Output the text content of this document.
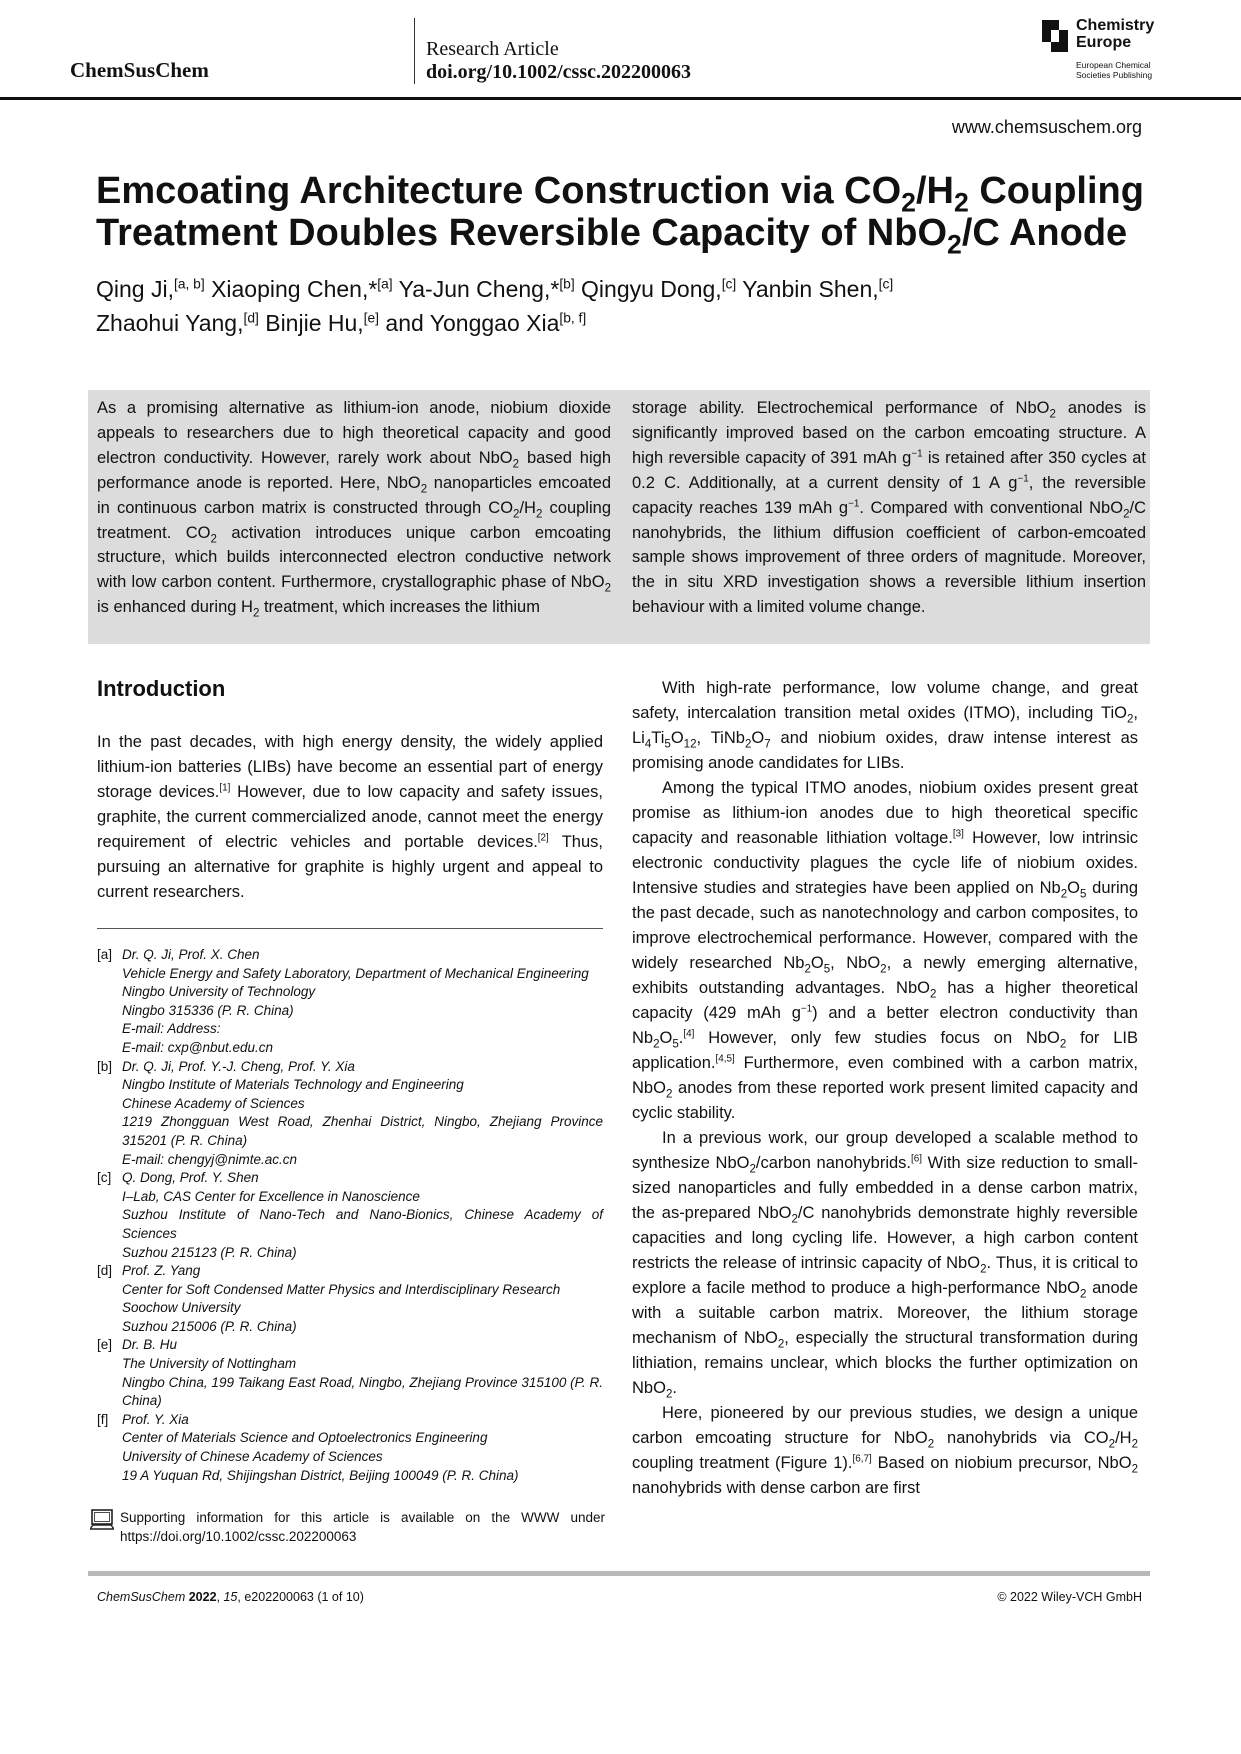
ChemSusChem
Research Article
doi.org/10.1002/cssc.202200063
Chemistry
Europe
European Chemical
Societies Publishing
www.chemsuschem.org
Emcoating Architecture Construction via $CO_2/H_2$ Coupling Treatment Doubles Reversible Capacity of NbO$_2$/C Anode
Qing Ji,[a, b] Xiaoping Chen,*[a] Ya-Jun Cheng,*[b] Qingyu Dong,[c] Yanbin Shen,[c]
Zhaohui Yang,[d] Binjie Hu,[e] and Yonggao Xia[b, f]
As a promising alternative as lithium-ion anode, niobium dioxide appeals to researchers due to high theoretical capacity and good electron conductivity. However, rarely work about NbO$_2$ based high performance anode is reported. Here, NbO$_2$ nanoparticles emcoated in continuous carbon matrix is constructed through $CO_2/H_2$ coupling treatment. $CO_2$ activation introduces unique carbon emcoating structure, which builds interconnected electron conductive network with low carbon content. Furthermore, crystallographic phase of NbO$_2$ is enhanced during $H_2$ treatment, which increases the lithium
storage ability. Electrochemical performance of NbO$_2$ anodes is significantly improved based on the carbon emcoating structure. A high reversible capacity of 391 mAh $g^{-1}$ is retained after 350 cycles at 0.2 C. Additionally, at a current density of 1 A $g^{-1}$, the reversible capacity reaches 139 mAh $g^{-1}$. Compared with conventional NbO$_2$/C nanohybrids, the lithium diffusion coefficient of carbon-emcoated sample shows improvement of three orders of magnitude. Moreover, the in situ XRD investigation shows a reversible lithium insertion behaviour with a limited volume change.
Introduction

In the past decades, with high energy density, the widely applied lithium-ion batteries (LIBs) have become an essential part of energy storage devices.[1] However, due to low capacity and safety issues, graphite, the current commercialized anode, cannot meet the energy requirement of electric vehicles and portable devices.[2] Thus, pursuing an alternative for graphite is highly urgent and appeal to current researchers.

[a] Dr. Q. Ji, Prof. X. Chen
Vehicle Energy and Safety Laboratory, Department of Mechanical Engineering
Ningbo University of Technology
Ningbo 315336 (P. R. China)
E-mail: Address:
E-mail: cxp@nbut.edu.cn
[b] Dr. Q. Ji, Prof. Y.-J. Cheng, Prof. Y. Xia
Ningbo Institute of Materials Technology and Engineering
Chinese Academy of Sciences
1219 Zhongguan West Road, Zhenhai District, Ningbo, Zhejiang Province 315201 (P. R. China)
E-mail: chengyj@nimte.ac.cn
[c] Q. Dong, Prof. Y. Shen
I–Lab, CAS Center for Excellence in Nanoscience
Suzhou Institute of Nano-Tech and Nano-Bionics, Chinese Academy of Sciences
Suzhou 215123 (P. R. China)
[d] Prof. Z. Yang
Center for Soft Condensed Matter Physics and Interdisciplinary Research
Soochow University
Suzhou 215006 (P. R. China)
[e] Dr. B. Hu
The University of Nottingham
Ningbo China, 199 Taikang East Road, Ningbo, Zhejiang Province 315100 (P. R. China)
[f]	Prof. Y. Xia
Center of Materials Science and Optoelectronics Engineering
University of Chinese Academy of Sciences
19 A Yuquan Rd, Shijingshan District, Beijing 100049 (P. R. China)
Supporting information for this article is available on the WWW under https://doi.org/10.1002/cssc.202200063

With high-rate performance, low volume change, and great safety, intercalation transition metal oxides (ITMO), including TiO$_2$, $Li_4Ti_5O_{12}$, $TiNb_2O_7$ and niobium oxides, draw intense interest as promising anode candidates for LIBs.

Among the typical ITMO anodes, niobium oxides present great promise as lithium-ion anodes due to high theoretical specific capacity and reasonable lithiation voltage.[3] However, low intrinsic electronic conductivity plagues the cycle life of niobium oxides. Intensive studies and strategies have been applied on $Nb_2O_5$ during the past decade, such as nanotechnology and carbon composites, to improve electrochemical performance. However, compared with the widely researched $Nb_2O_5$, NbO$_2$, a newly emerging alternative, exhibits outstanding advantages. NbO$_2$ has a higher theoretical capacity (429 mAh $g^{-1}$) and a better electron conductivity than $Nb_2O_5.[4]$ However, only few studies focus on NbO$_2$ for LIB application.[4,5] Furthermore, even combined with a carbon matrix, NbO$_2$ anodes from these reported work present limited capacity and cyclic stability.

In a previous work, our group developed a scalable method to synthesize NbO$_2$/carbon nanohybrids.[6] With size reduction to small-sized nanoparticles and fully embedded in a dense carbon matrix, the as-prepared NbO$_2$/C nanohybrids demonstrate highly reversible capacities and long cycling life. However, a high carbon content restricts the release of intrinsic capacity of NbO$_2$. Thus, it is critical to explore a facile method to produce a high-performance NbO$_2$ anode with a suitable carbon matrix. Moreover, the lithium storage mechanism of NbO$_2$, especially the structural transformation during lithiation, remains unclear, which blocks the further optimization on NbO$_2$.

Here, pioneered by our previous studies, we design a unique carbon emcoating structure for NbO$_2$ nanohybrids via $CO_2/H_2$ coupling treatment (Figure 1).[6,7] Based on niobium precursor, NbO$_2$ nanohybrids with dense carbon are first

ChemSusChem 2022, 15, e202200063 (1 of 10)	© 2022 Wiley-VCH GmbH
